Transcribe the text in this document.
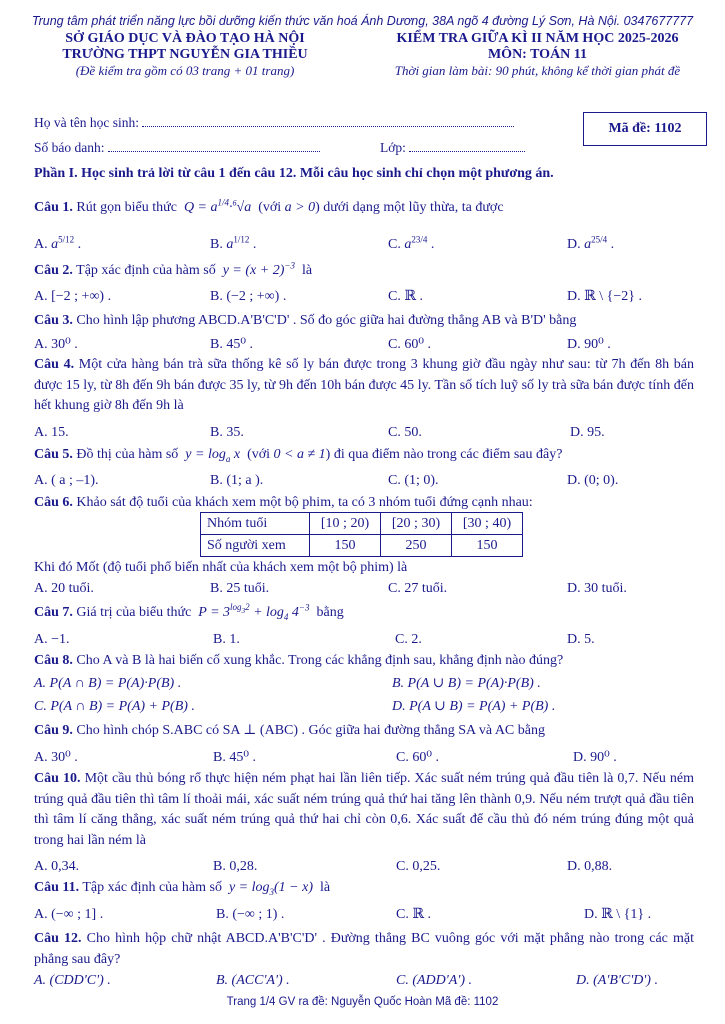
Trung tâm phát triển năng lực bồi dưỡng kiến thức văn hoá Ánh Dương, 38A ngõ 4 đường Lý Sơn, Hà Nội. 0347677777
SỞ GIÁO DỤC VÀ ĐÀO TẠO HÀ NỘI
TRƯỜNG THPT NGUYỄN GIA THIỀU
(Đề kiểm tra gồm có 03 trang + 01 trang)
KIỂM TRA GIỮA KÌ II NĂM HỌC 2025-2026
MÔN: TOÁN 11
Thời gian làm bài: 90 phút, không kể thời gian phát đề
Họ và tên học sinh:
Số báo danh:	Lớp:
Mã đề: 1102
Phần I. Học sinh trả lời từ câu 1 đến câu 12. Mỗi câu học sinh chỉ chọn một phương án.
Câu 1. Rút gọn biểu thức  $Q = a^{1/4}\cdot^6√a$  (với a > 0) dưới dạng một lũy thừa, ta được
A. $a^{5/12}$ .	B. $a^{1/12}$ .	C. $a^{23/4}$ .	D. $a^{25/4}$ .
Câu 2. Tập xác định của hàm số  $y = (x + 2)^{-3}$ là
A. [−2 ; +∞) .	B. (−2 ; +∞) .	C. ℝ .	D. ℝ \ {−2} .
Câu 3. Cho hình lập phương ABCD.A'B'C'D' . Số đo góc giữa hai đường thẳng AB và B'D' bằng
A. 30⁰ .	B. 45⁰ .	C. 60⁰ .	D. 90⁰ .
Câu 4. Một cửa hàng bán trà sữa thống kê số ly bán được trong 3 khung giờ đầu ngày như sau: từ 7h đến 8h bán được 15 ly, từ 8h đến 9h bán được 35 ly, từ 9h đến 10h bán được 45 ly. Tần số tích luỹ số ly trà sữa bán được tính đến hết khung giờ 8h đến 9h là
A. 15.	B. 35.	C. 50.	D. 95.
Câu 5. Đồ thị của hàm số  $y = \log_a x$  (với 0 < a ≠ 1) đi qua điểm nào trong các điểm sau đây?
A. ( a ; –1).	B. (1; a ).	C. (1; 0).	D. (0; 0).
Câu 6. Khảo sát độ tuổi của khách xem một bộ phim, ta có 3 nhóm tuổi đứng cạnh nhau:
Nhóm tuổi	[10 ; 20)	[20 ; 30)	[30 ; 40)
Số người xem	150	250	150
Khi đó Mốt (độ tuổi phổ biến nhất của khách xem một bộ phim) là
A. 20 tuổi.	B. 25 tuổi.	C. 27 tuổi.	D. 30 tuổi.
Câu 7. Giá trị của biểu thức  $P = 3^{log_32} + \log_4 4^{-3}$ bằng
A. −1.	B. 1.	C. 2.	D. 5.
Câu 8. Cho A và B là hai biến cố xung khắc. Trong các khẳng định sau, khẳng định nào đúng?
A. P(A ∩ B) = P(A)·P(B) .	B. P(A ∪ B) = P(A)·P(B) .
C. P(A ∩ B) = P(A) + P(B) .	D. P(A ∪ B) = P(A) + P(B) .
Câu 9. Cho hình chóp S.ABC có SA ⊥ (ABC) . Góc giữa hai đường thẳng SA và AC bằng
A. 30⁰ .	B. 45⁰ .	C. 60⁰ .	D. 90⁰ .
Câu 10. Một cầu thủ bóng rổ thực hiện ném phạt hai lần liên tiếp. Xác suất ném trúng quả đầu tiên là 0,7. Nếu ném trúng quả đầu tiên thì tâm lí thoải mái, xác suất ném trúng quả thứ hai tăng lên thành 0,9. Nếu ném trượt quả đầu tiên thì tâm lí căng thẳng, xác suất ném trúng quả thứ hai chỉ còn 0,6. Xác suất để cầu thủ đó ném trúng đúng một quả trong hai lần ném là
A. 0,34.	B. 0,28.	C. 0,25.	D. 0,88.
Câu 11. Tập xác định của hàm số  $y = \log_3(1 - x)$  là
A. (−∞ ; 1] .	B. (−∞ ; 1) .	C. ℝ .	D. ℝ \ {1} .
Câu 12. Cho hình hộp chữ nhật ABCD.A'B'C'D' . Đường thẳng BC vuông góc với mặt phẳng nào trong các mặt phẳng sau đây?
A. (CDD'C') .	B. (ACC'A') .	C. (ADD'A') .	D. (A'B'C'D') .
Trang 1/4 GV ra đề: Nguyễn Quốc Hoàn Mã đề: 1102
